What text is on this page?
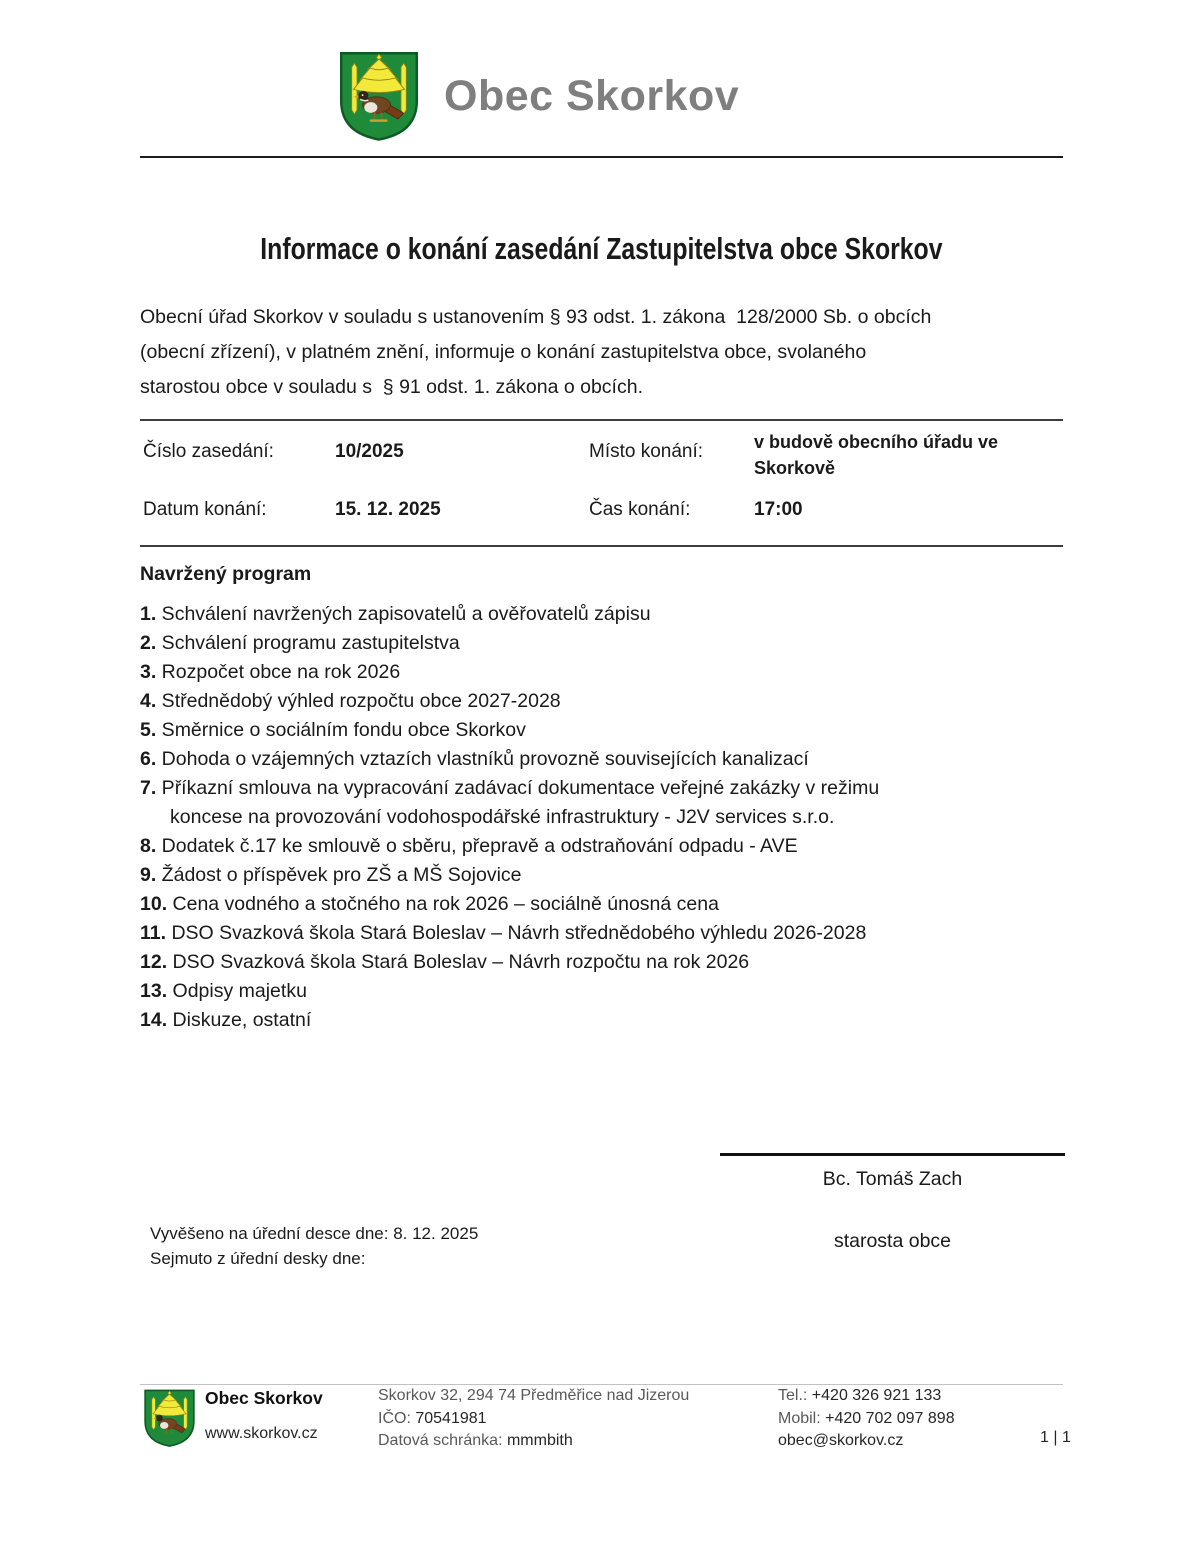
Obec Skorkov
Informace o konání zasedání Zastupitelstva obce Skorkov
Obecní úřad Skorkov v souladu s ustanovením § 93 odst. 1. zákona  128/2000 Sb. o obcích
(obecní zřízení), v platném znění, informuje o konání zastupitelstva obce, svolaného
starostou obce v souladu s  § 91 odst. 1. zákona o obcích.
Číslo zasedání:	10/2025	Místo konání:	v budově obecního úřadu ve Skorkově
Datum konání:	15. 12. 2025	Čas konání:	17:00
Navržený program
1. Schválení navržených zapisovatelů a ověřovatelů zápisu
2. Schválení programu zastupitelstva
3. Rozpočet obce na rok 2026
4. Střednědobý výhled rozpočtu obce 2027-2028
5. Směrnice o sociálním fondu obce Skorkov
6. Dohoda o vzájemných vztazích vlastníků provozně souvisejících kanalizací
7. Příkazní smlouva na vypracování zadávací dokumentace veřejné zakázky v režimu
koncese na provozování vodohospodářské infrastruktury - J2V services s.r.o.
8. Dodatek č.17 ke smlouvě o sběru, přepravě a odstraňování odpadu - AVE
9. Žádost o příspěvek pro ZŠ a MŠ Sojovice
10. Cena vodného a stočného na rok 2026 – sociálně únosná cena
11. DSO Svazková škola Stará Boleslav – Návrh střednědobého výhledu 2026-2028
12. DSO Svazková škola Stará Boleslav – Návrh rozpočtu na rok 2026
13. Odpisy majetku
14. Diskuze, ostatní
Bc. Tomáš Zach
starosta obce
Vyvěšeno na úřední desce dne: 8. 12. 2025
Sejmuto z úřední desky dne:
Obec Skorkov
www.skorkov.cz
Skorkov 32, 294 74 Předměřice nad Jizerou
IČO: 70541981
Datová schránka: mmmbith
Tel.: +420 326 921 133
Mobil: +420 702 097 898
obec@skorkov.cz	1 | 1
